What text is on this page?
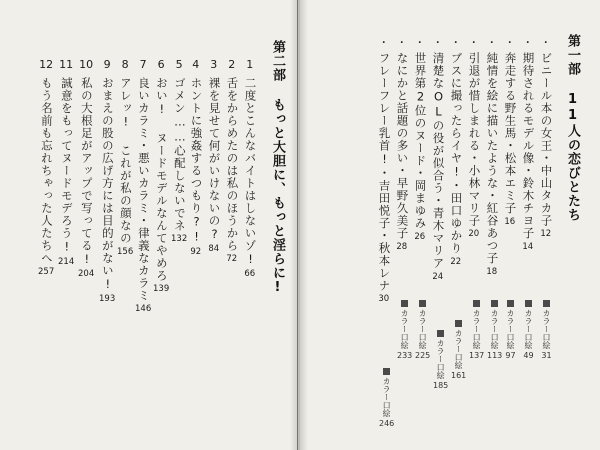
第二部 もっと大胆に、もっと淫らに!
1
二度とこんなバイトはしないゾ!
66
2
舌をからめたのは私のほうから
72
3
裸を見せて何がいけないの?
84
4
ホントに強姦するつもり?!
92
5
ゴメン……心配しないでネ
132
6
おい! ヌードモデルなんてやめろ
139
7
良いカラミ・悪いカラミ・律義なカラミ
146
8
アレッ! これが私の顔なの
156
9
おまえの股の広げ方には目的がない!
193
10
私の大根足がアップで写ってる!
204
11
誠意をもってヌードモデろう!
214
12
もう名前も忘れちゃった人たちへ
257
第一部 11人の恋びとたち
・
ビニール本の女王・中山タカ子
12
・
期待されるモデル像・鈴木チヨ子
14
・
奔走する野生馬・松本エミ子
16
・
純情を絵に描いたような・紅谷あつ子
18
・
引退が惜しまれる・小林マリ子
20
・
ブスに撮ったらイヤ!・田口ゆかり
22
・
清楚なOLの役が似合う・青木マリア
24
・
世界第2位のヌード・岡まゆみ
26
・
なにかと話題の多い・早野久美子
28
・
フレーフレー乳首!・吉田悦子・秋本レナ
30
カラー口絵
31
カラー口絵
49
カラー口絵
97
カラー口絵
113
カラー口絵
137
カラー口絵
161
カラー口絵
185
カラー口絵
225
カラー口絵
233
カラー口絵
246
